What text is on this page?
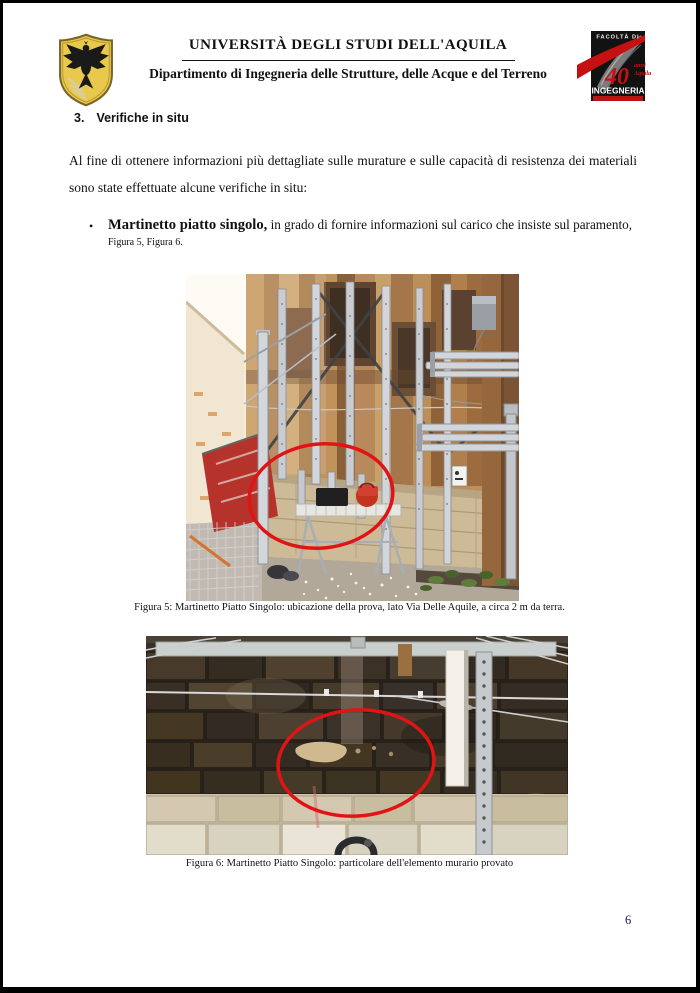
UNIVERSITÀ DEGLI STUDI DELL'AQUILA
Dipartimento di Ingegneria delle Strutture, delle Acque e del Terreno
FACOLTÀ DI
40 anni
Aquila
INGEGNERIA
3. Verifiche in situ
Al fine di ottenere informazioni più dettagliate sulle murature e sulle capacità di resistenza dei materiali sono state effettuate alcune verifiche in situ:
• Martinetto piatto singolo, in grado di fornire informazioni sul carico che insiste sul paramento,
Figura 5, Figura 6.
Figura 5: Martinetto Piatto Singolo: ubicazione della prova, lato Via Delle Aquile, a circa 2 m da terra.
Figura 6: Martinetto Piatto Singolo: particolare dell'elemento murario provato
6
